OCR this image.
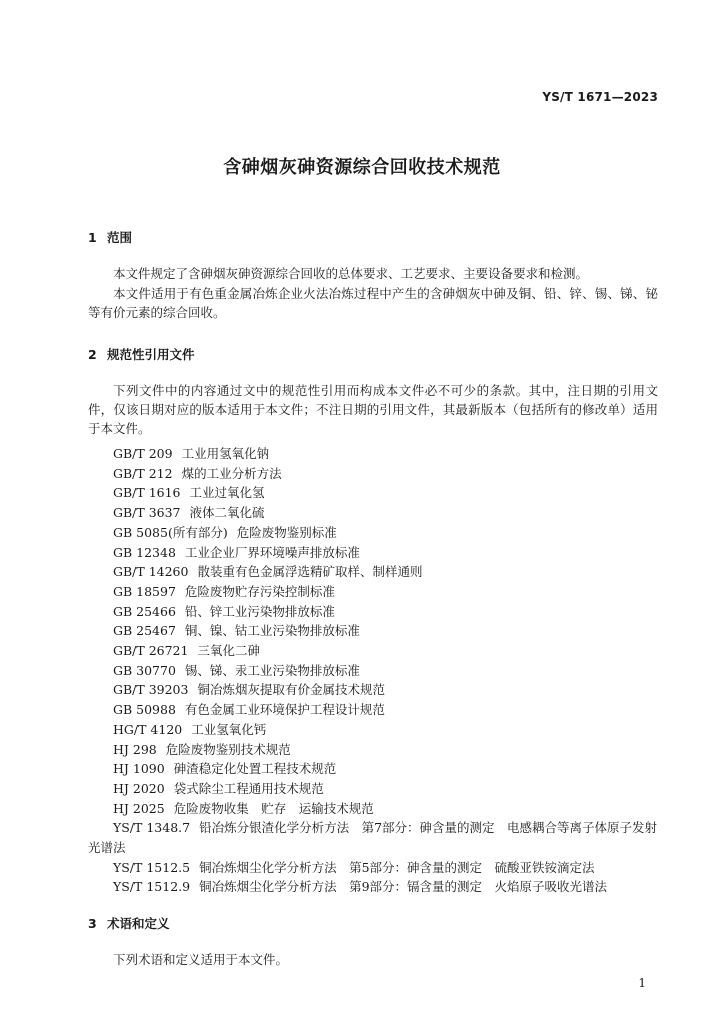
YS/T 1671—2023
含砷烟灰砷资源综合回收技术规范
1 范围

本文件规定了含砷烟灰砷资源综合回收的总体要求、工艺要求、主要设备要求和检测。

本文件适用于有色重金属冶炼企业火法冶炼过程中产生的含砷烟灰中砷及铜、铅、锌、锡、锑、铋等有价元素的综合回收。

2 规范性引用文件

下列文件中的内容通过文中的规范性引用而构成本文件必不可少的条款。其中，注日期的引用文件，仅该日期对应的版本适用于本文件；不注日期的引用文件，其最新版本（包括所有的修改单）适用于本文件。

GB/T 209 工业用氢氧化钠
GB/T 212 煤的工业分析方法
GB/T 1616 工业过氧化氢
GB/T 3637 液体二氧化硫
GB 5085(所有部分) 危险废物鉴别标准
GB 12348 工业企业厂界环境噪声排放标准
GB/T 14260 散装重有色金属浮选精矿取样、制样通则
GB 18597 危险废物贮存污染控制标准
GB 25466 铅、锌工业污染物排放标准
GB 25467 铜、镍、钴工业污染物排放标准
GB/T 26721 三氧化二砷
GB 30770 锡、锑、汞工业污染物排放标准
GB/T 39203 铜冶炼烟灰提取有价金属技术规范
GB 50988 有色金属工业环境保护工程设计规范
HG/T 4120 工业氢氧化钙
HJ 298 危险废物鉴别技术规范
HJ 1090 砷渣稳定化处置工程技术规范
HJ 2020 袋式除尘工程通用技术规范
HJ 2025 危险废物收集　贮存　运输技术规范
YS/T 1348.7 铅冶炼分银渣化学分析方法　第7部分：砷含量的测定　电感耦合等离子体原子发射光谱法
YS/T 1512.5 铜冶炼烟尘化学分析方法　第5部分：砷含量的测定　硫酸亚铁铵滴定法
YS/T 1512.9 铜冶炼烟尘化学分析方法　第9部分：镉含量的测定　火焰原子吸收光谱法
3 术语和定义

下列术语和定义适用于本文件。

1
